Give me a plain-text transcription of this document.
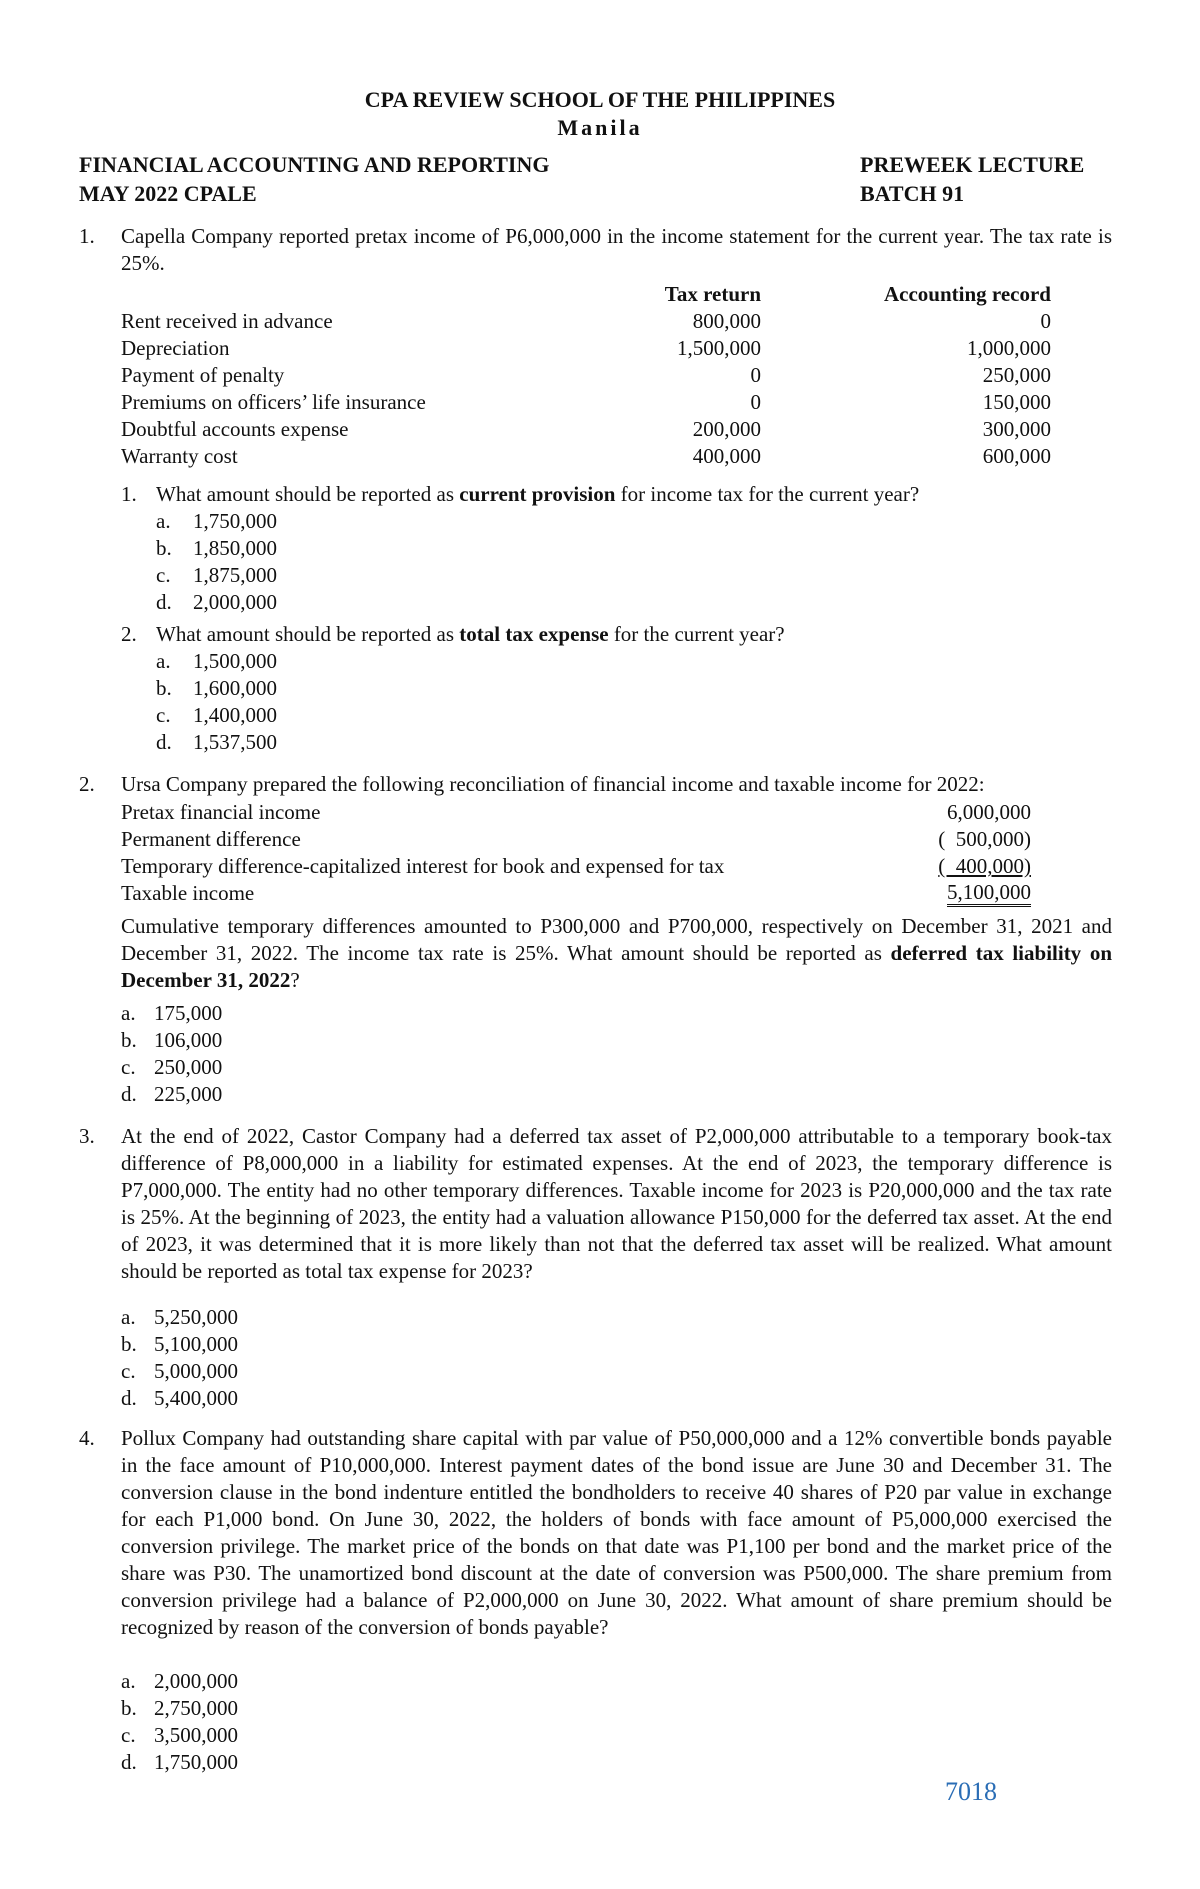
CPA REVIEW SCHOOL OF THE PHILIPPINES
Manila
FINANCIAL ACCOUNTING AND REPORTING
MAY 2022 CPALE
PREWEEK LECTURE
BATCH 91
1. Capella Company reported pretax income of P6,000,000 in the income statement for the current year. The tax rate is 25%.
Tax return	Accounting record
Rent received in advance	800,000	0
Depreciation	1,500,000	1,000,000
Payment of penalty	0	250,000
Premiums on officers’ life insurance	0	150,000
Doubtful accounts expense	200,000	300,000
Warranty cost	400,000	600,000
1. What amount should be reported as current provision for income tax for the current year?
a. 1,750,000
b. 1,850,000
c. 1,875,000
d. 2,000,000
2. What amount should be reported as total tax expense for the current year?
a. 1,500,000
b. 1,600,000
c. 1,400,000
d. 1,537,500
2. Ursa Company prepared the following reconciliation of financial income and taxable income for 2022:
Pretax financial income	6,000,000
Permanent difference	(  500,000)
Temporary difference-capitalized interest for book and expensed for tax	(  400,000)
Taxable income	5,100,000
Cumulative temporary differences amounted to P300,000 and P700,000, respectively on December 31, 2021 and December 31, 2022. The income tax rate is 25%. What amount should be reported as deferred tax liability on December 31, 2022?
a. 175,000
b. 106,000
c. 250,000
d. 225,000
3. At the end of 2022, Castor Company had a deferred tax asset of P2,000,000 attributable to a temporary book-tax difference of P8,000,000 in a liability for estimated expenses. At the end of 2023, the temporary difference is P7,000,000. The entity had no other temporary differences. Taxable income for 2023 is P20,000,000 and the tax rate is 25%. At the beginning of 2023, the entity had a valuation allowance P150,000 for the deferred tax asset. At the end of 2023, it was determined that it is more likely than not that the deferred tax asset will be realized. What amount should be reported as total tax expense for 2023?
a. 5,250,000
b. 5,100,000
c. 5,000,000
d. 5,400,000
4. Pollux Company had outstanding share capital with par value of P50,000,000 and a 12% convertible bonds payable in the face amount of P10,000,000. Interest payment dates of the bond issue are June 30 and December 31. The conversion clause in the bond indenture entitled the bondholders to receive 40 shares of P20 par value in exchange for each P1,000 bond. On June 30, 2022, the holders of bonds with face amount of P5,000,000 exercised the conversion privilege. The market price of the bonds on that date was P1,100 per bond and the market price of the share was P30. The unamortized bond discount at the date of conversion was P500,000. The share premium from conversion privilege had a balance of P2,000,000 on June 30, 2022. What amount of share premium should be recognized by reason of the conversion of bonds payable?
a. 2,000,000
b. 2,750,000
c. 3,500,000
d. 1,750,000
7018
